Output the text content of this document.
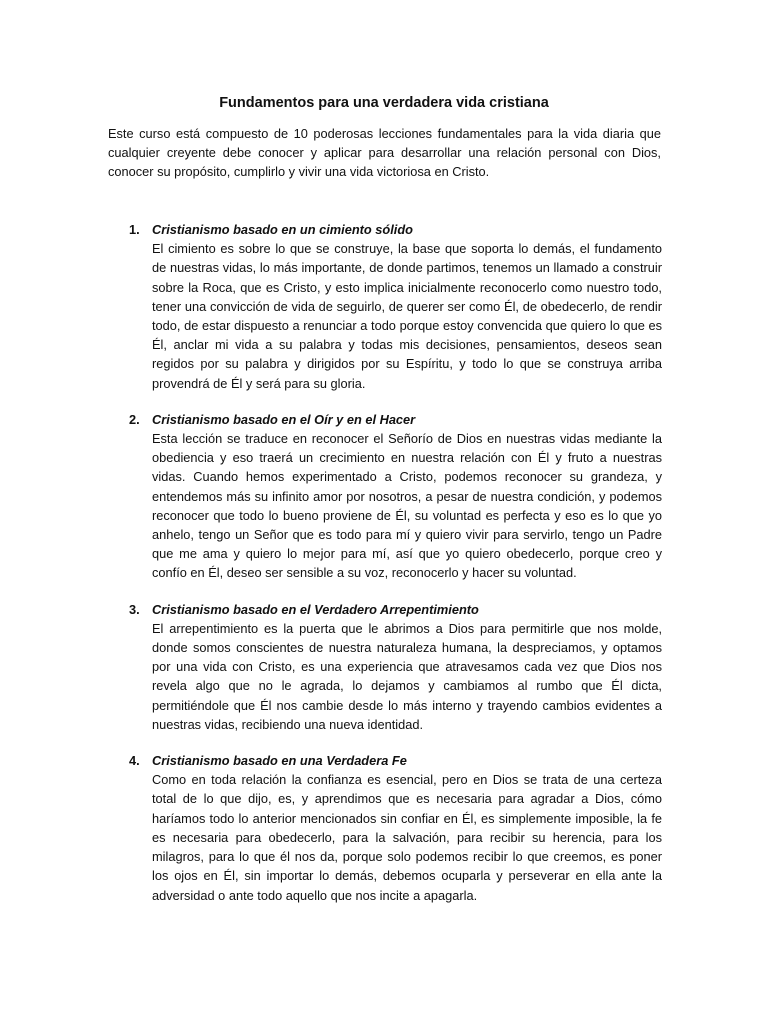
Fundamentos para una verdadera vida cristiana

Este curso está compuesto de 10 poderosas lecciones fundamentales para la vida diaria que cualquier creyente debe conocer y aplicar para desarrollar una relación personal con Dios, conocer su propósito, cumplirlo y vivir una vida victoriosa en Cristo.

1. Cristianismo basado en un cimiento sólido
El cimiento es sobre lo que se construye, la base que soporta lo demás, el fundamento de nuestras vidas, lo más importante, de donde partimos, tenemos un llamado a construir sobre la Roca, que es Cristo, y esto implica inicialmente reconocerlo como nuestro todo, tener una convicción de vida de seguirlo, de querer ser como Él, de obedecerlo, de rendir todo, de estar dispuesto a renunciar a todo porque estoy convencida que quiero lo que es Él, anclar mi vida a su palabra y todas mis decisiones, pensamientos, deseos sean regidos por su palabra y dirigidos por su Espíritu, y todo lo que se construya arriba provendrá de Él y será para su gloria.
2. Cristianismo basado en el Oír y en el Hacer
Esta lección se traduce en reconocer el Señorío de Dios en nuestras vidas mediante la obediencia y eso traerá un crecimiento en nuestra relación con Él y fruto a nuestras vidas. Cuando hemos experimentado a Cristo, podemos reconocer su grandeza, y entendemos más su infinito amor por nosotros, a pesar de nuestra condición, y podemos reconocer que todo lo bueno proviene de Él, su voluntad es perfecta y eso es lo que yo anhelo, tengo un Señor que es todo para mí y quiero vivir para servirlo, tengo un Padre que me ama y quiero lo mejor para mí, así que yo quiero obedecerlo, porque creo y confío en Él, deseo ser sensible a su voz, reconocerlo y hacer su voluntad.
3. Cristianismo basado en el Verdadero Arrepentimiento
El arrepentimiento es la puerta que le abrimos a Dios para permitirle que nos molde, donde somos conscientes de nuestra naturaleza humana, la despreciamos, y optamos por una vida con Cristo, es una experiencia que atravesamos cada vez que Dios nos revela algo que no le agrada, lo dejamos y cambiamos al rumbo que Él dicta, permitiéndole que Él nos cambie desde lo más interno y trayendo cambios evidentes a nuestras vidas, recibiendo una nueva identidad.
4. Cristianismo basado en una Verdadera Fe
Como en toda relación la confianza es esencial, pero en Dios se trata de una certeza total de lo que dijo, es, y aprendimos que es necesaria para agradar a Dios, cómo haríamos todo lo anterior mencionados sin confiar en Él, es simplemente imposible, la fe es necesaria para obedecerlo, para la salvación, para recibir su herencia, para los milagros, para lo que él nos da, porque solo podemos recibir lo que creemos, es poner los ojos en Él, sin importar lo demás, debemos ocuparla y perseverar en ella ante la adversidad o ante todo aquello que nos incite a apagarla.
